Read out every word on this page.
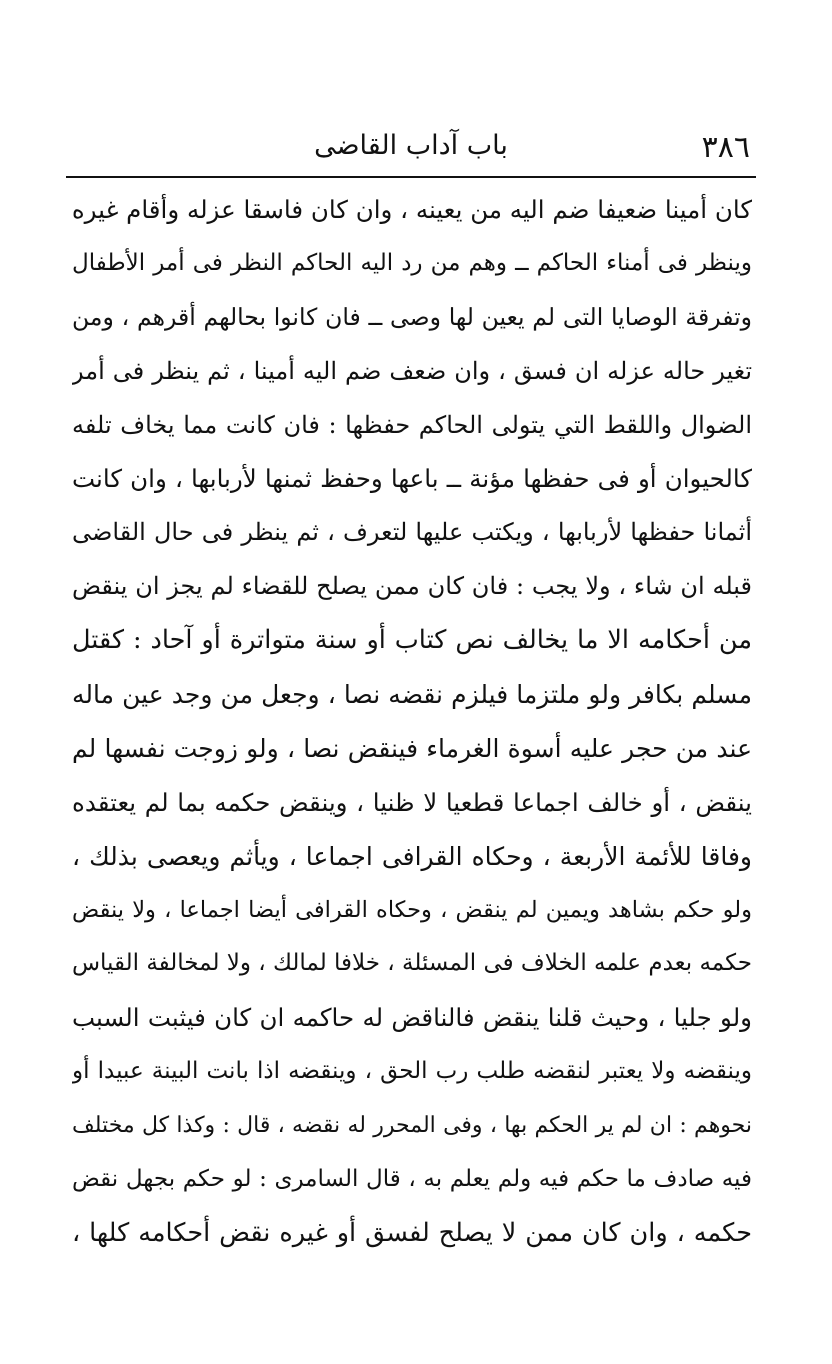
٣٨٦
باب آداب القاضى
كان أمينا ضعيفا ضم اليه من يعينه ، وان كان فاسقا عزله وأقام غيره
وينظر فى أمناء الحاكم ــ وهم من رد اليه الحاكم النظر فى أمر الأطفال
وتفرقة الوصايا التى لم يعين لها وصى ــ فان كانوا بحالهم أقرهم ، ومن
تغير حاله عزله ان فسق ، وان ضعف ضم اليه أمينا ، ثم ينظر فى أمر
الضوال واللقط التي يتولى الحاكم حفظها : فان كانت مما يخاف تلفه
كالحيوان أو فى حفظها مؤنة ــ باعها وحفظ ثمنها لأربابها ، وان كانت
أثمانا حفظها لأربابها ، ويكتب عليها لتعرف ، ثم ينظر فى حال القاضى
قبله ان شاء ، ولا يجب : فان كان ممن يصلح للقضاء لم يجز ان ينقض
من أحكامه الا ما يخالف نص كتاب أو سنة متواترة أو آحاد : كقتل
مسلم بكافر ولو ملتزما فيلزم نقضه نصا ، وجعل من وجد عين ماله
عند من حجر عليه أسوة الغرماء فينقض نصا ، ولو زوجت نفسها لم
ينقض ، أو خالف اجماعا قطعيا لا ظنيا ، وينقض حكمه بما لم يعتقده
وفاقا للأئمة الأربعة ، وحكاه القرافى اجماعا ، ويأثم ويعصى بذلك ،
ولو حكم بشاهد ويمين لم ينقض ، وحكاه القرافى أيضا اجماعا ، ولا ينقض
حكمه بعدم علمه الخلاف فى المسئلة ، خلافا لمالك ، ولا لمخالفة القياس
ولو جليا ، وحيث قلنا ينقض فالناقض له حاكمه ان كان فيثبت السبب
وينقضه ولا يعتبر لنقضه طلب رب الحق ، وينقضه اذا بانت البينة عبيدا أو
نحوهم : ان لم ير الحكم بها ، وفى المحرر له نقضه ، قال : وكذا كل مختلف
فيه صادف ما حكم فيه ولم يعلم به ، قال السامرى : لو حكم بجهل نقض
حكمه ، وان كان ممن لا يصلح لفسق أو غيره نقض أحكامه كلها ،
